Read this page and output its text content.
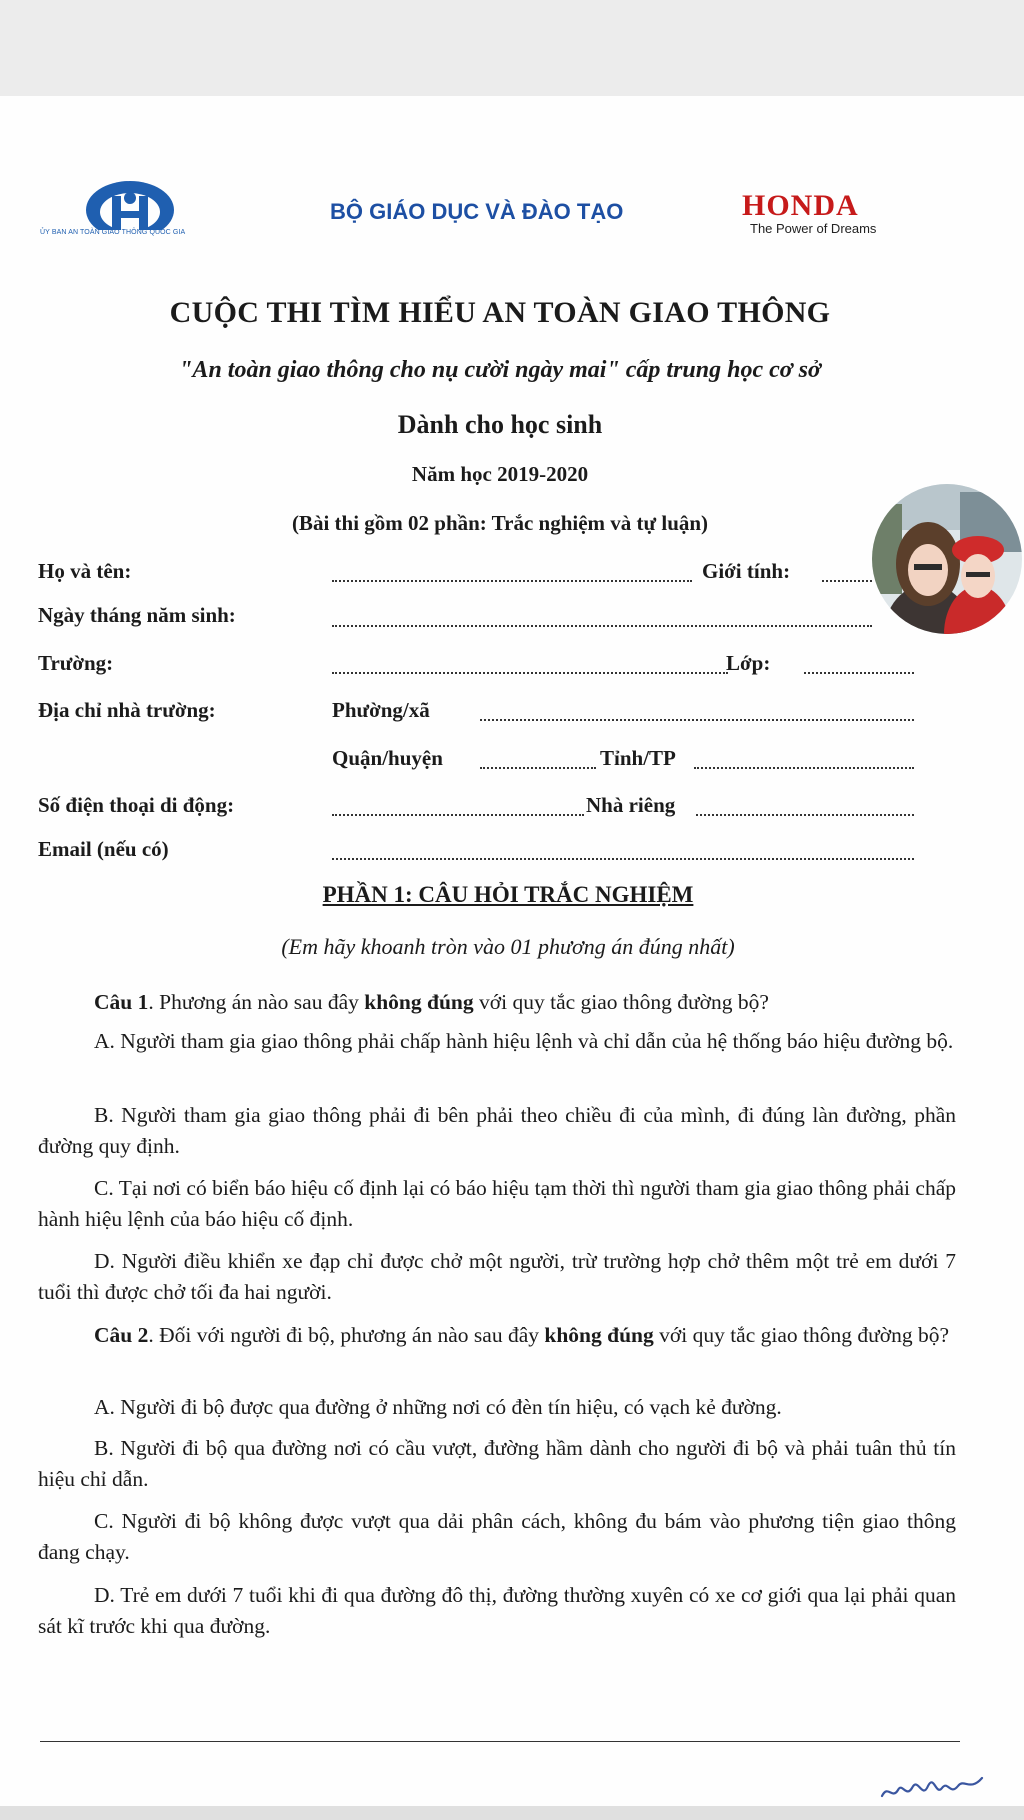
ỦY BAN AN TOÀN GIAO THÔNG QUỐC GIA
BỘ GIÁO DỤC VÀ ĐÀO TẠO	HONDA
The Power of Dreams
CUỘC THI TÌM HIỂU AN TOÀN GIAO THÔNG
"An toàn giao thông cho nụ cười ngày mai" cấp trung học cơ sở
Dành cho học sinh
Năm học 2019-2020
(Bài thi gồm 02 phần: Trắc nghiệm và tự luận)
Họ và tên:	Giới tính:
Ngày tháng năm sinh:
Trường:	Lớp:
Địa chỉ nhà trường:	Phường/xã
Quận/huyện	Tỉnh/TP
Số điện thoại di động:	Nhà riêng
Email (nếu có)
PHẦN 1: CÂU HỎI TRẮC NGHIỆM
(Em hãy khoanh tròn vào 01 phương án đúng nhất)
Câu 1. Phương án nào sau đây không đúng với quy tắc giao thông đường bộ?
A. Người tham gia giao thông phải chấp hành hiệu lệnh và chỉ dẫn của hệ thống báo hiệu đường bộ.
B. Người tham gia giao thông phải đi bên phải theo chiều đi của mình, đi đúng làn đường, phần đường quy định.
C. Tại nơi có biển báo hiệu cố định lại có báo hiệu tạm thời thì người tham gia giao thông phải chấp hành hiệu lệnh của báo hiệu cố định.
D. Người điều khiển xe đạp chỉ được chở một người, trừ trường hợp chở thêm một trẻ em dưới 7 tuổi thì được chở tối đa hai người.
Câu 2. Đối với người đi bộ, phương án nào sau đây không đúng với quy tắc giao thông đường bộ?
A. Người đi bộ được qua đường ở những nơi có đèn tín hiệu, có vạch kẻ đường.
B. Người đi bộ qua đường nơi có cầu vượt, đường hầm dành cho người đi bộ và phải tuân thủ tín hiệu chỉ dẫn.
C. Người đi bộ không được vượt qua dải phân cách, không đu bám vào phương tiện giao thông đang chạy.
D. Trẻ em dưới 7 tuổi khi đi qua đường đô thị, đường thường xuyên có xe cơ giới qua lại phải quan sát kĩ trước khi qua đường.
